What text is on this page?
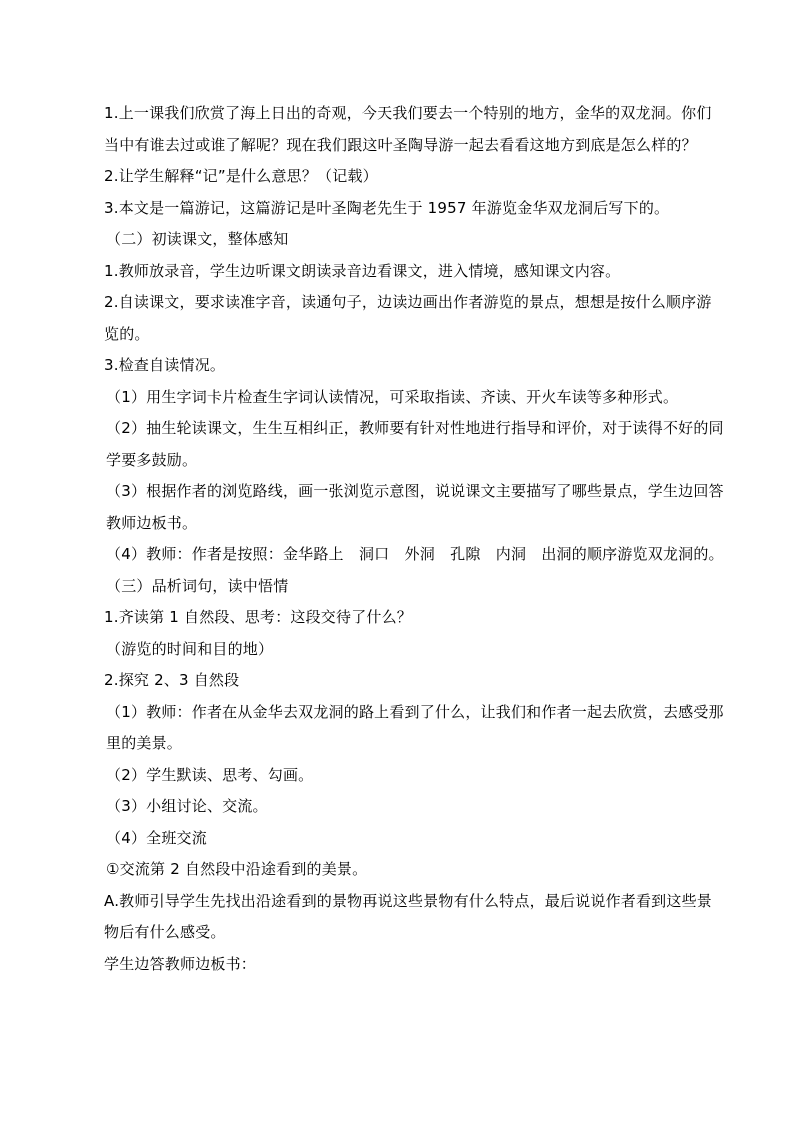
1.上一课我们欣赏了海上日出的奇观，今天我们要去一个特别的地方，金华的双龙洞。你们当中有谁去过或谁了解呢？现在我们跟这叶圣陶导游一起去看看这地方到底是怎么样的？

2.让学生解释“记”是什么意思？（记载）

3.本文是一篇游记，这篇游记是叶圣陶老先生于 1957 年游览金华双龙洞后写下的。

（二）初读课文，整体感知

1.教师放录音，学生边听课文朗读录音边看课文，进入情境，感知课文内容。

2.自读课文，要求读准字音，读通句子，边读边画出作者游览的景点，想想是按什么顺序游览的。

3.检查自读情况。

（1）用生字词卡片检查生字词认读情况，可采取指读、齐读、开火车读等多种形式。

（2）抽生轮读课文，生生互相纠正，教师要有针对性地进行指导和评价，对于读得不好的同学要多鼓励。

（3）根据作者的浏览路线，画一张浏览示意图，说说课文主要描写了哪些景点，学生边回答教师边板书。

（4）教师：作者是按照：金华路上　洞口　外洞　孔隙　内洞　出洞的顺序游览双龙洞的。

（三）品析词句，读中悟情

1.齐读第 1 自然段、思考：这段交待了什么？

（游览的时间和目的地）

2.探究 2、3 自然段

（1）教师：作者在从金华去双龙洞的路上看到了什么，让我们和作者一起去欣赏，去感受那里的美景。

（2）学生默读、思考、勾画。

（3）小组讨论、交流。

（4）全班交流

①交流第 2 自然段中沿途看到的美景。

A.教师引导学生先找出沿途看到的景物再说这些景物有什么特点，最后说说作者看到这些景物后有什么感受。

学生边答教师边板书：
